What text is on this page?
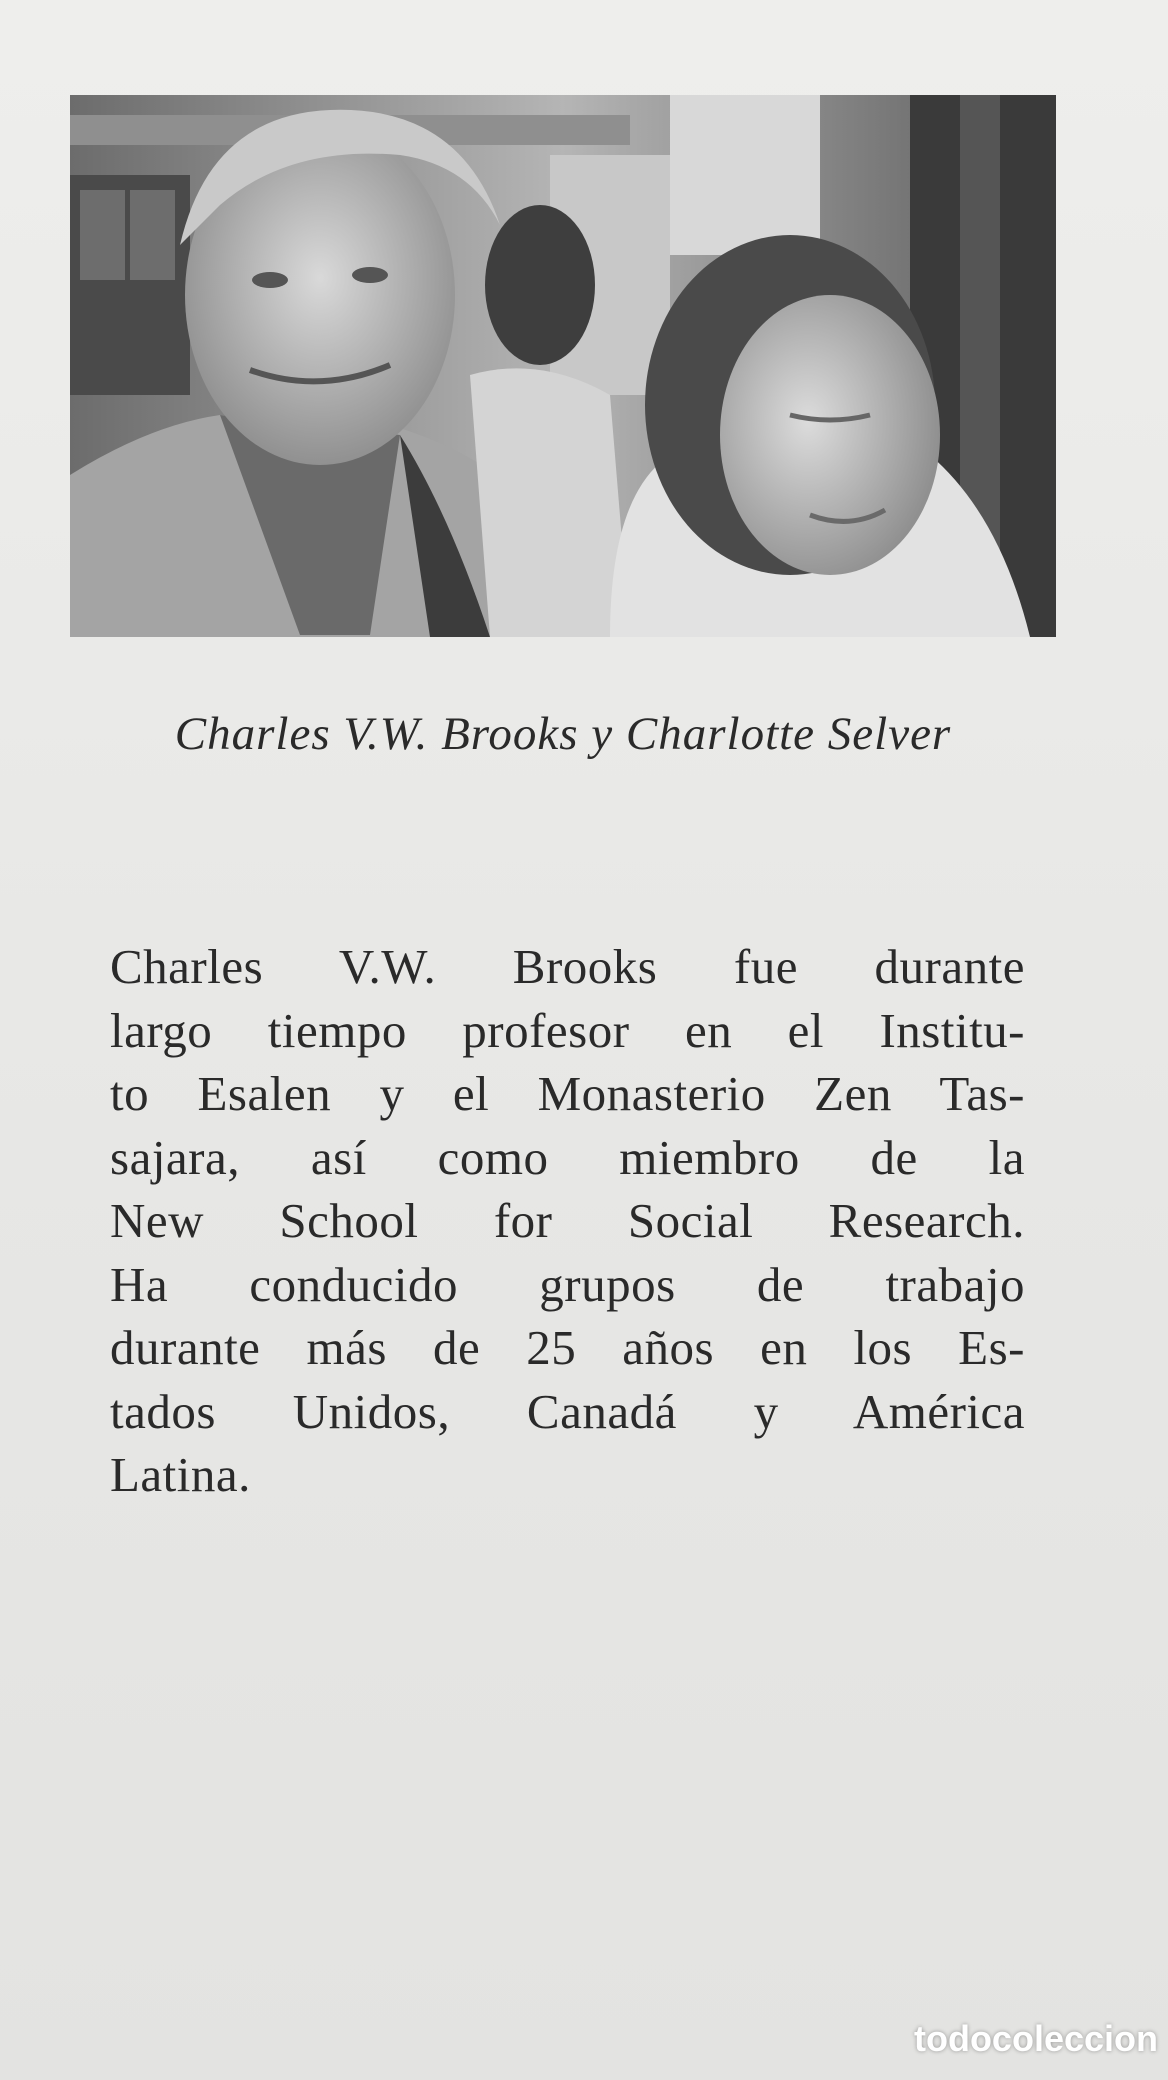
Charles V.W. Brooks y Charlotte Selver
Charles V.W. Brooks fue durante
largo tiempo profesor en el Institu-
to Esalen y el Monasterio Zen Tas-
sajara, así como miembro de la
New School for Social Research.
Ha conducido grupos de trabajo
durante más de 25 años en los Es-
tados Unidos, Canadá y América
Latina.
todocoleccion
